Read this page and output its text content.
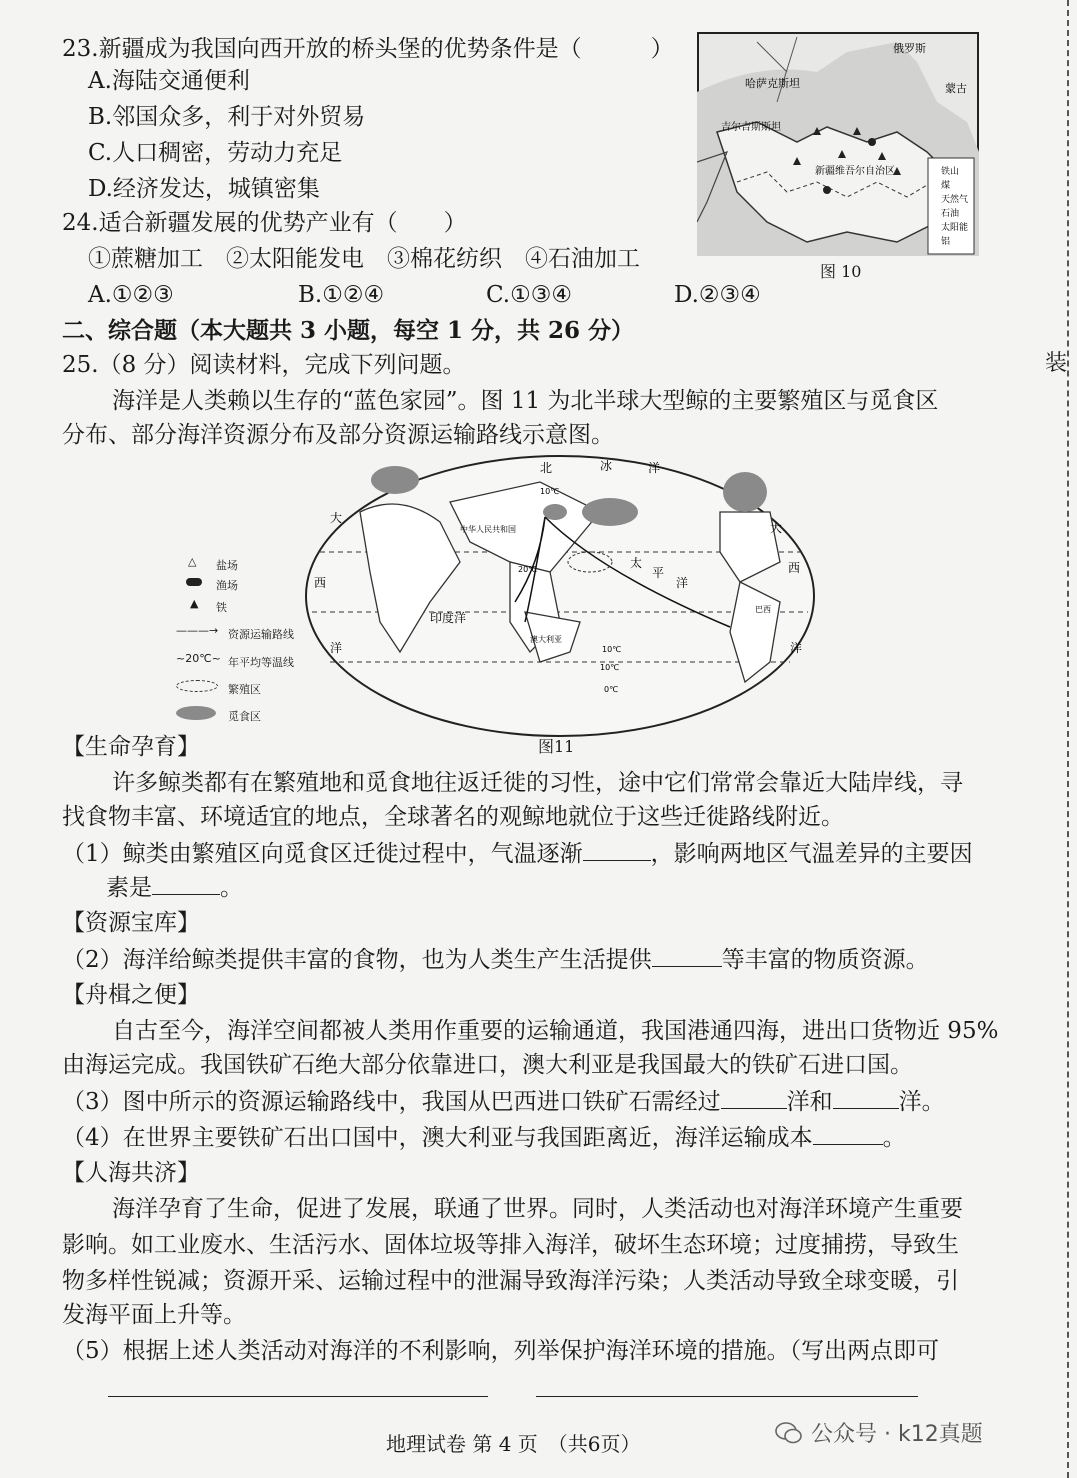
装
23.新疆成为我国向西开放的桥头堡的优势条件是（　　　）
A.海陆交通便利
B.邻国众多，利于对外贸易
C.人口稠密，劳动力充足
D.经济发达，城镇密集
24.适合新疆发展的优势产业有（　　）
①蔗糖加工　②太阳能发电　③棉花纺织　④石油加工
A.①②③	B.①②④	C.①③④	D.②③④
俄罗斯
哈萨克斯坦	蒙古
吉尔吉斯斯坦
新疆维吾尔自治区	铁山
煤
天然气
石油
太阳能
铝
图 10
二、综合题（本大题共 3 小题，每空 1 分，共 26 分）
25.（8 分）阅读材料，完成下列问题。
海洋是人类赖以生存的“蓝色家园”。图 11 为北半球大型鲸的主要繁殖区与觅食区
分布、部分海洋资源分布及部分资源运输路线示意图。
北	冰	洋
大
西
洋
太
平
洋
印度洋
大
西
洋
中华人民共和国
澳大利亚
巴西
10℃
20℃
10℃
0℃
10℃
△ 盐场
渔场
▲ 铁
———→ 资源运输路线
~20℃~ 年平均等温线
繁殖区
觅食区
图11
【生命孕育】
许多鲸类都有在繁殖地和觅食地往返迁徙的习性，途中它们常常会靠近大陆岸线，寻
找食物丰富、环境适宜的地点，全球著名的观鲸地就位于这些迁徙路线附近。
（1）鲸类由繁殖区向觅食区迁徙过程中，气温逐渐	，影响两地区气温差异的主要因
素是	。
【资源宝库】
（2）海洋给鲸类提供丰富的食物，也为人类生产生活提供	等丰富的物质资源。
【舟楫之便】
自古至今，海洋空间都被人类用作重要的运输通道，我国港通四海，进出口货物近 95%
由海运完成。我国铁矿石绝大部分依靠进口，澳大利亚是我国最大的铁矿石进口国。
（3）图中所示的资源运输路线中，我国从巴西进口铁矿石需经过	洋和	洋。
（4）在世界主要铁矿石出口国中，澳大利亚与我国距离近，海洋运输成本	。
【人海共济】
海洋孕育了生命，促进了发展，联通了世界。同时，人类活动也对海洋环境产生重要
影响。如工业废水、生活污水、固体垃圾等排入海洋，破坏生态环境；过度捕捞，导致生
物多样性锐减；资源开采、运输过程中的泄漏导致海洋污染；人类活动导致全球变暖，引
发海平面上升等。
（5）根据上述人类活动对海洋的不利影响，列举保护海洋环境的措施。（写出两点即可
地理试卷 第 4 页　（共6页）	公众号 · k12真题
